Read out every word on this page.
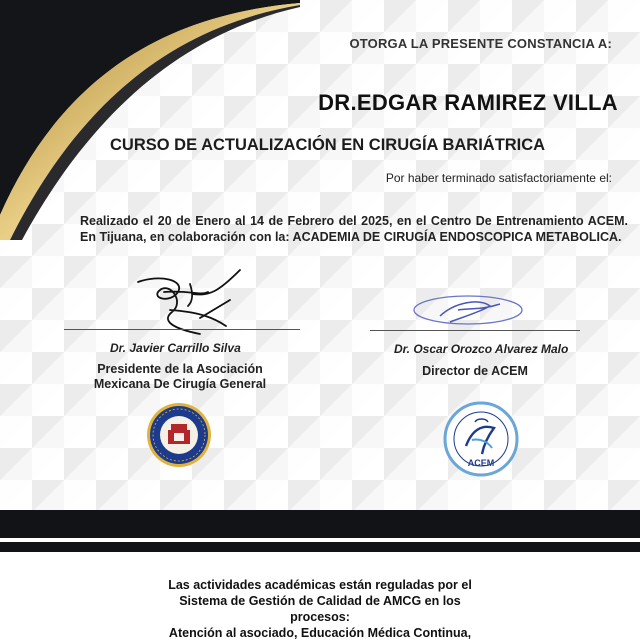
OTORGA LA PRESENTE CONSTANCIA A:
DR.EDGAR RAMIREZ VILLA
CURSO DE ACTUALIZACIÓN EN CIRUGÍA BARIÁTRICA
Por haber terminado satisfactoriamente el:
Realizado el 20 de Enero al 14 de Febrero del 2025, en el Centro De Entrenamiento ACEM. En Tijuana, en colaboración con la: ACADEMIA DE CIRUGÍA ENDOSCOPICA METABOLICA.
Dr. Javier Carrillo Silva
Presidente de la Asociación
Mexicana De Cirugía General
Dr. Oscar Orozco Alvarez Malo
Director de ACEM
ACEM
Las actividades académicas están reguladas por el
Sistema de Gestión de Calidad de AMCG en los
procesos:
Atención al asociado, Educación Médica Continua,
